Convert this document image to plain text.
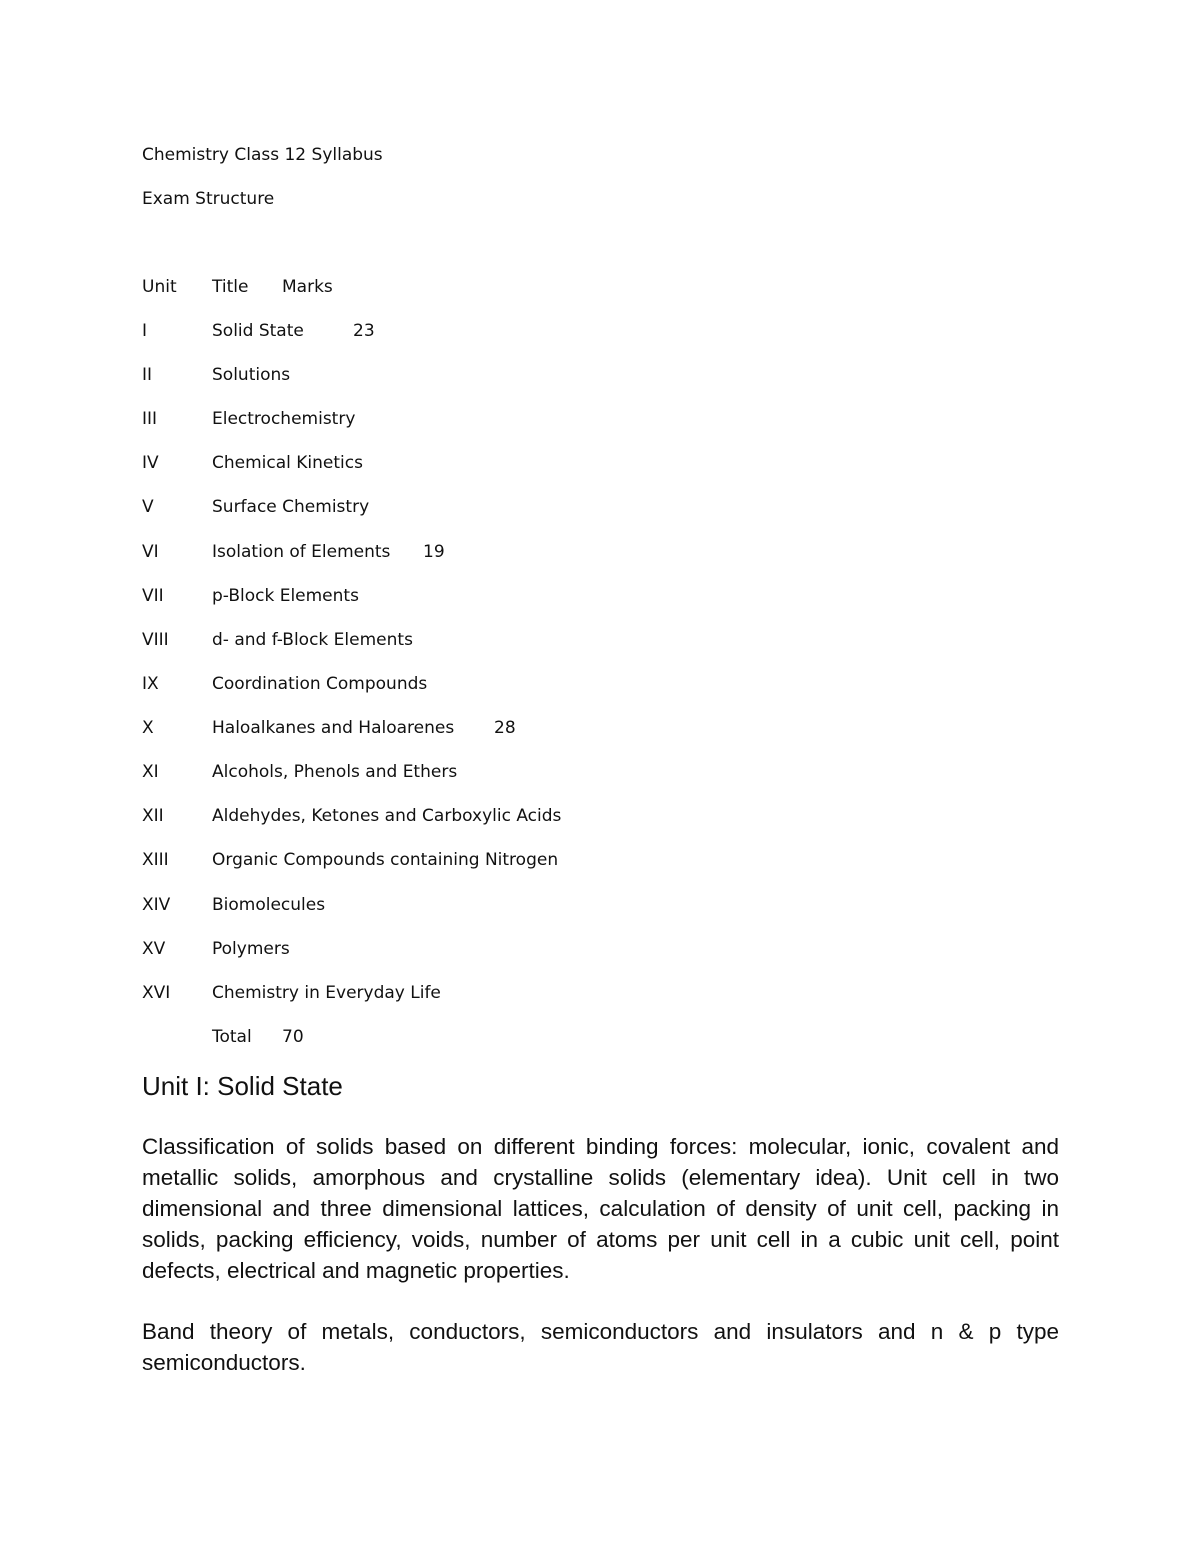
Chemistry Class 12 Syllabus
Exam Structure
Unit Title Marks
I	Solid State	23
II	Solutions
III	Electrochemistry
IV	Chemical Kinetics
V	Surface Chemistry
VI	Isolation of Elements 19
VII	p-Block Elements
VIII	d- and f-Block Elements
IX	Coordination Compounds
X	Haloalkanes and Haloarenes 28
XI	Alcohols, Phenols and Ethers
XII	Aldehydes, Ketones and Carboxylic Acids
XIII	Organic Compounds containing Nitrogen
XIV Biomolecules
XV	Polymers
XVI Chemistry in Everyday Life
Total 70
Unit I: Solid State

Classification of solids based on different binding forces: molecular, ionic, covalent and metallic solids, amorphous and crystalline solids (elementary idea). Unit cell in two dimensional and three dimensional lattices, calculation of density of unit cell, packing in solids, packing efficiency, voids, number of atoms per unit cell in a cubic unit cell, point defects, electrical and magnetic properties.

Band theory of metals, conductors, semiconductors and insulators and n & p type semiconductors.
